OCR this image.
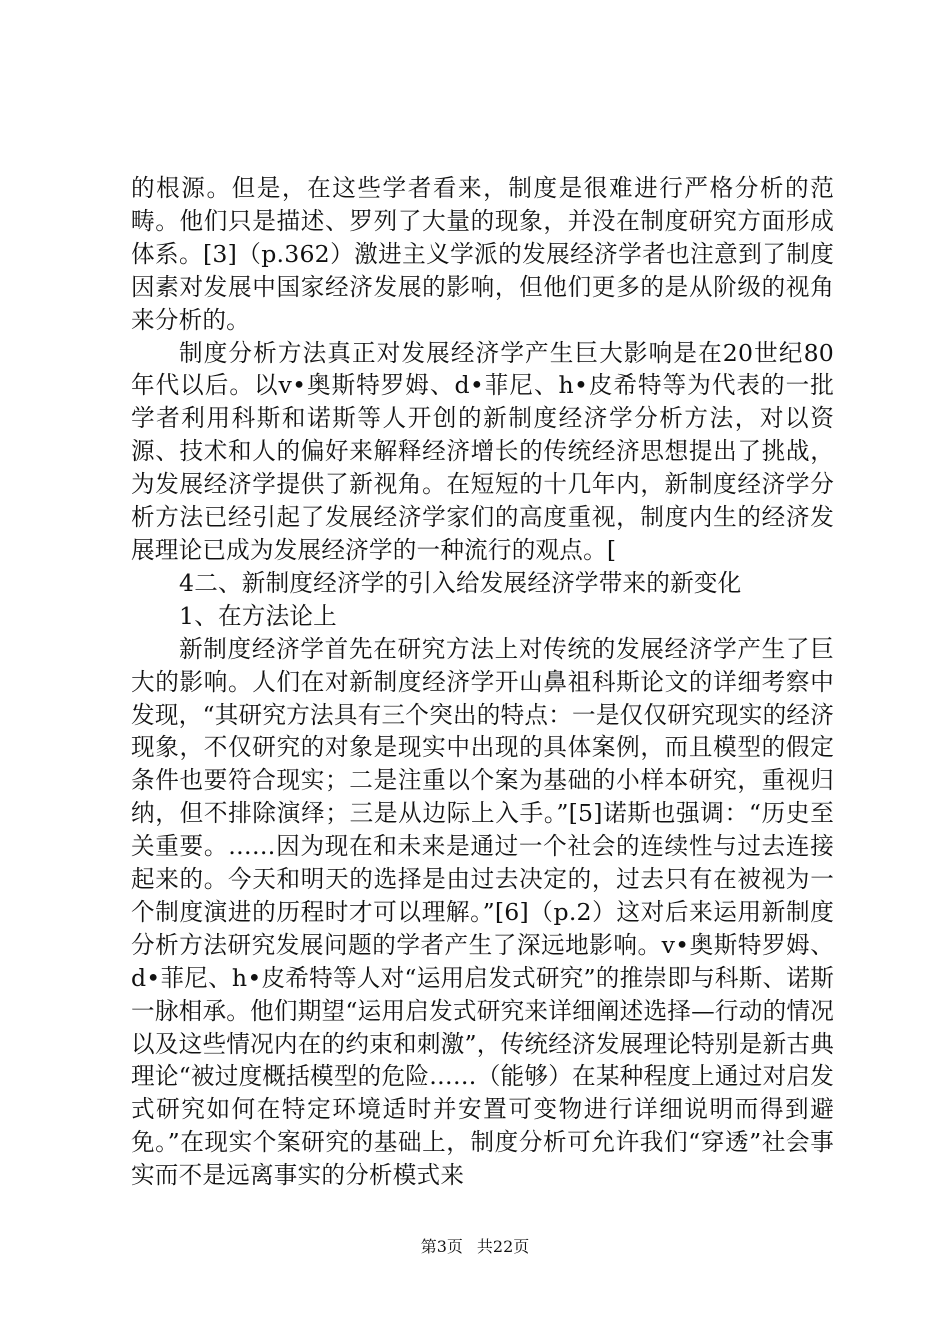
的根源。但是，在这些学者看来，制度是很难进行严格分析的范畴。他们只是描述、罗列了大量的现象，并没在制度研究方面形成体系。[3]（p.362）激进主义学派的发展经济学者也注意到了制度因素对发展中国家经济发展的影响，但他们更多的是从阶级的视角来分析的。

制度分析方法真正对发展经济学产生巨大影响是在20世纪80年代以后。以v•奥斯特罗姆、d•菲尼、h•皮希特等为代表的一批学者利用科斯和诺斯等人开创的新制度经济学分析方法，对以资源、技术和人的偏好来解释经济增长的传统经济思想提出了挑战，为发展经济学提供了新视角。在短短的十几年内，新制度经济学分析方法已经引起了发展经济学家们的高度重视，制度内生的经济发展理论已成为发展经济学的一种流行的观点。[

4二、新制度经济学的引入给发展经济学带来的新变化

1、在方法论上

新制度经济学首先在研究方法上对传统的发展经济学产生了巨大的影响。人们在对新制度经济学开山鼻祖科斯论文的详细考察中发现，“其研究方法具有三个突出的特点：一是仅仅研究现实的经济现象，不仅研究的对象是现实中出现的具体案例，而且模型的假定条件也要符合现实；二是注重以个案为基础的小样本研究，重视归纳，但不排除演绎；三是从边际上入手。”[5]诺斯也强调：“历史至关重要。……因为现在和未来是通过一个社会的连续性与过去连接起来的。今天和明天的选择是由过去决定的，过去只有在被视为一个制度演进的历程时才可以理解。”[6]（p.2）这对后来运用新制度分析方法研究发展问题的学者产生了深远地影响。v•奥斯特罗姆、d•菲尼、h•皮希特等人对“运用启发式研究”的推崇即与科斯、诺斯一脉相承。他们期望“运用启发式研究来详细阐述选择—行动的情况以及这些情况内在的约束和刺激”，传统经济发展理论特别是新古典理论“被过度概括模型的危险……（能够）在某种程度上通过对启发式研究如何在特定环境适时并安置可变物进行详细说明而得到避免。”在现实个案研究的基础上，制度分析可允许我们“穿透”社会事实而不是远离事实的分析模式来

第3页 共22页
